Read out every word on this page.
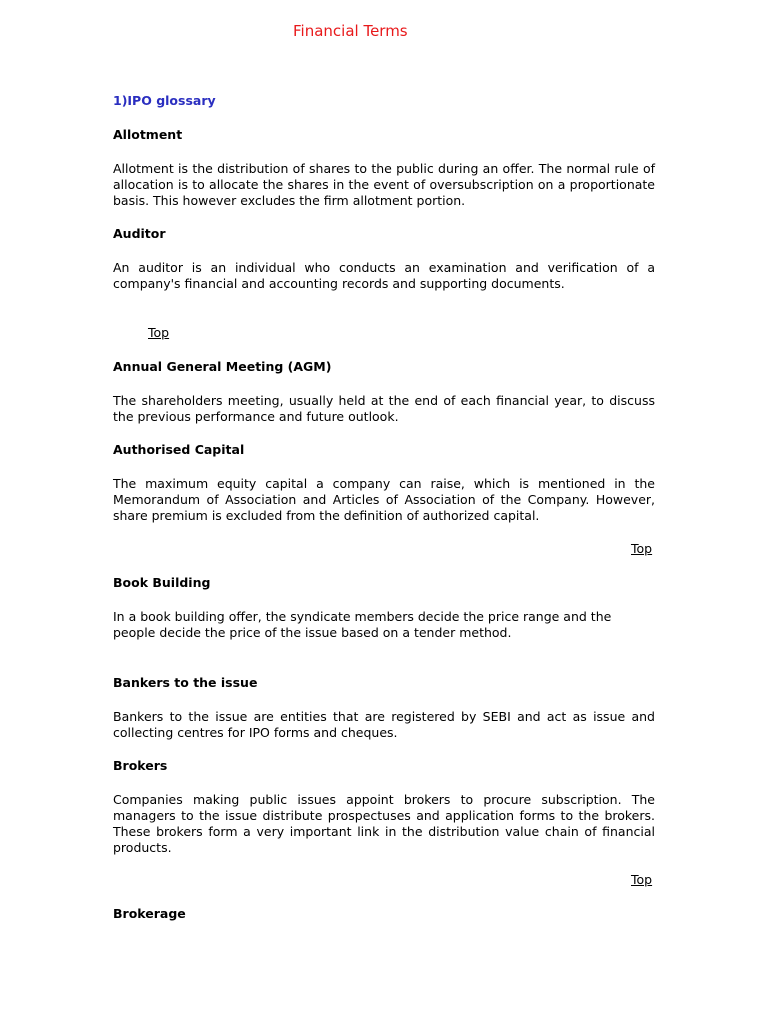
Financial Terms
1)IPO glossary
Allotment
Allotment is the distribution of shares to the public during an offer. The normal rule of allocation is to allocate the shares in the event of oversubscription on a proportionate basis. This however excludes the firm allotment portion.
Auditor
An auditor is an individual who conducts an examination and verification of a company's financial and accounting records and supporting documents.
Top
Annual General Meeting (AGM)
The shareholders meeting, usually held at the end of each financial year, to discuss the previous performance and future outlook.
Authorised Capital
The maximum equity capital a company can raise, which is mentioned in the Memorandum of Association and Articles of Association of the Company. However, share premium is excluded from the definition of authorized capital.
Top
Book Building
In a book building offer, the syndicate members decide the price range and the people decide the price of the issue based on a tender method.
Bankers to the issue
Bankers to the issue are entities that are registered by SEBI and act as issue and collecting centres for IPO forms and cheques.
Brokers
Companies making public issues appoint brokers to procure subscription. The managers to the issue distribute prospectuses and application forms to the brokers. These brokers form a very important link in the distribution value chain of financial products.
Top
Brokerage
